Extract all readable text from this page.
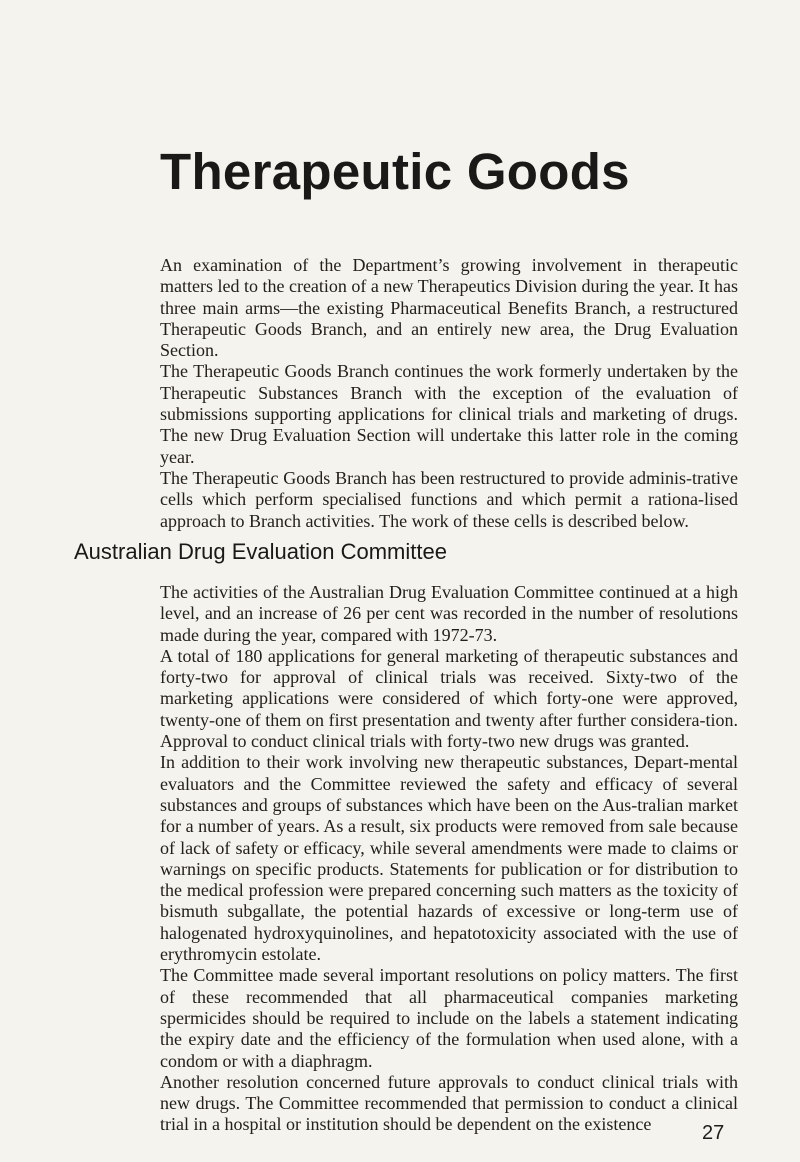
Therapeutic Goods

An examination of the Department’s growing involvement in therapeutic matters led to the creation of a new Therapeutics Division during the year. It has three main arms—the existing Pharmaceutical Benefits Branch, a restructured Therapeutic Goods Branch, and an entirely new area, the Drug Evaluation Section.

The Therapeutic Goods Branch continues the work formerly undertaken by the Therapeutic Substances Branch with the exception of the evaluation of submissions supporting applications for clinical trials and marketing of drugs. The new Drug Evaluation Section will undertake this latter role in the coming year.

The Therapeutic Goods Branch has been restructured to provide adminis-trative cells which perform specialised functions and which permit a rationa-lised approach to Branch activities. The work of these cells is described below.

Australian Drug Evaluation Committee

The activities of the Australian Drug Evaluation Committee continued at a high level, and an increase of 26 per cent was recorded in the number of resolutions made during the year, compared with 1972-73.

A total of 180 applications for general marketing of therapeutic substances and forty-two for approval of clinical trials was received. Sixty-two of the marketing applications were considered of which forty-one were approved, twenty-one of them on first presentation and twenty after further considera-tion. Approval to conduct clinical trials with forty-two new drugs was granted.

In addition to their work involving new therapeutic substances, Depart-mental evaluators and the Committee reviewed the safety and efficacy of several substances and groups of substances which have been on the Aus-tralian market for a number of years. As a result, six products were removed from sale because of lack of safety or efficacy, while several amendments were made to claims or warnings on specific products. Statements for publication or for distribution to the medical profession were prepared concerning such matters as the toxicity of bismuth subgallate, the potential hazards of excessive or long-term use of halogenated hydroxyquinolines, and hepatotoxicity associated with the use of erythromycin estolate.

The Committee made several important resolutions on policy matters. The first of these recommended that all pharmaceutical companies marketing spermicides should be required to include on the labels a statement indicating the expiry date and the efficiency of the formulation when used alone, with a condom or with a diaphragm.

Another resolution concerned future approvals to conduct clinical trials with new drugs. The Committee recommended that permission to conduct a clinical trial in a hospital or institution should be dependent on the existence	27
